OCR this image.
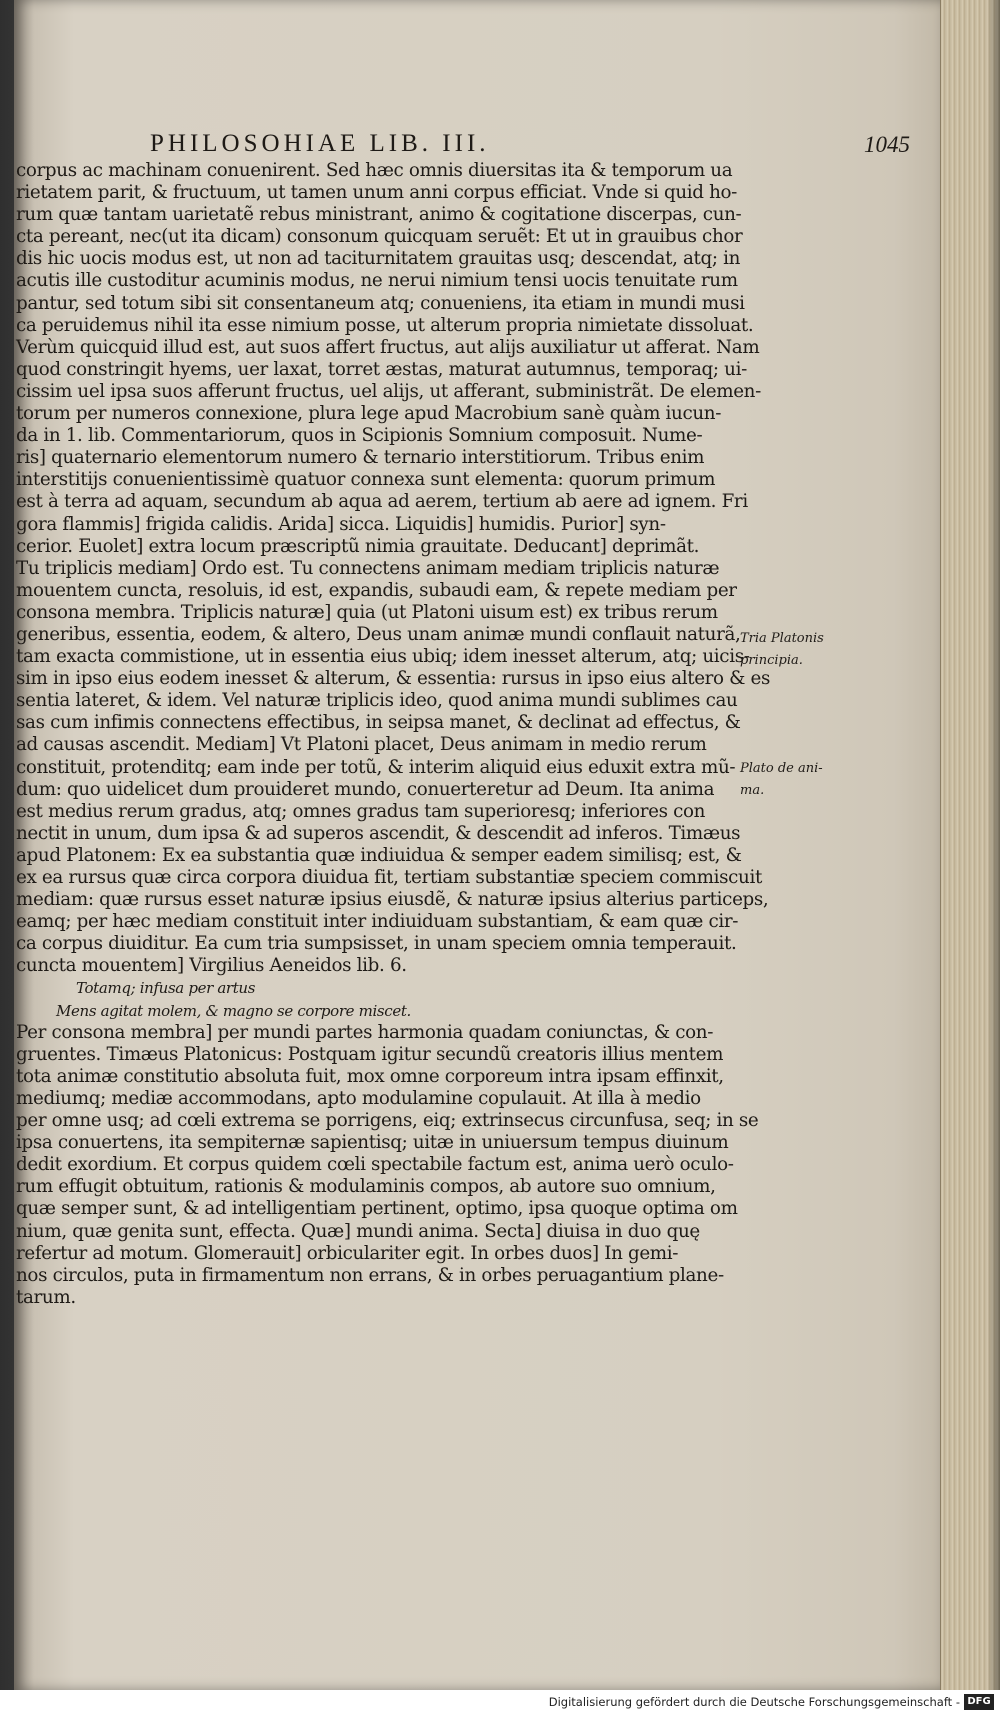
PHILOSOHIAE LIB. III.	1045
corpus ac machinam conuenirent. Sed hæc omnis diuersitas ita & temporum ua
rietatem parit, & fructuum, ut tamen unum anni corpus efficiat. Vnde si quid ho-
rum quæ tantam uarietatẽ rebus ministrant, animo & cogitatione discerpas, cun-
cta pereant, nec(ut ita dicam) consonum quicquam seruẽt: Et ut in grauibus chor
dis hic uocis modus est, ut non ad taciturnitatem grauitas usq; descendat, atq; in
acutis ille custoditur acuminis modus, ne nerui nimium tensi uocis tenuitate rum
pantur, sed totum sibi sit consentaneum atq; conueniens, ita etiam in mundi musi
ca peruidemus nihil ita esse nimium posse, ut alterum propria nimietate dissoluat.
Verùm quicquid illud est, aut suos affert fructus, aut alijs auxiliatur ut afferat. Nam
quod constringit hyems, uer laxat, torret æstas, maturat autumnus, temporaq; ui-
cissim uel ipsa suos afferunt fructus, uel alijs, ut afferant, subministrãt. De elemen-
torum per numeros connexione, plura lege apud Macrobium sanè quàm iucun-
da in 1. lib. Commentariorum, quos in Scipionis Somnium composuit. Nume-
ris] quaternario elementorum numero & ternario interstitiorum. Tribus enim
interstitijs conuenientissimè quatuor connexa sunt elementa: quorum primum
est à terra ad aquam, secundum ab aqua ad aerem, tertium ab aere ad ignem. Fri
gora flammis] frigida calidis. Arida] sicca. Liquidis] humidis. Purior] syn-
cerior. Euolet] extra locum præscriptũ nimia grauitate. Deducant] deprimãt.
Tu triplicis mediam] Ordo est. Tu connectens animam mediam triplicis naturæ
mouentem cuncta, resoluis, id est, expandis, subaudi eam, & repete mediam per
consona membra. Triplicis naturæ] quia (ut Platoni uisum est) ex tribus rerum
generibus, essentia, eodem, & altero, Deus unam animæ mundi conflauit naturã,
tam exacta commistione, ut in essentia eius ubiq; idem inesset alterum, atq; uicis-
sim in ipso eius eodem inesset & alterum, & essentia: rursus in ipso eius altero & es
sentia lateret, & idem. Vel naturæ triplicis ideo, quod anima mundi sublimes cau
sas cum infimis connectens effectibus, in seipsa manet, & declinat ad effectus, &
ad causas ascendit. Mediam] Vt Platoni placet, Deus animam in medio rerum
constituit, protenditq; eam inde per totũ, & interim aliquid eius eduxit extra mũ-
dum: quo uidelicet dum prouideret mundo, conuerteretur ad Deum. Ita anima
est medius rerum gradus, atq; omnes gradus tam superioresq; inferiores con
nectit in unum, dum ipsa & ad superos ascendit, & descendit ad inferos. Timæus
apud Platonem: Ex ea substantia quæ indiuidua & semper eadem similisq; est, &
ex ea rursus quæ circa corpora diuidua fit, tertiam substantiæ speciem commiscuit
mediam: quæ rursus esset naturæ ipsius eiusdẽ, & naturæ ipsius alterius particeps,
eamq; per hæc mediam constituit inter indiuiduam substantiam, & eam quæ cir-
ca corpus diuiditur. Ea cum tria sumpsisset, in unam speciem omnia temperauit.
cuncta mouentem] Virgilius Aeneidos lib. 6.
Totamq; infusa per artus
Mens agitat molem, & magno se corpore miscet.
Per consona membra] per mundi partes harmonia quadam coniunctas, & con-
gruentes. Timæus Platonicus: Postquam igitur secundũ creatoris illius mentem
tota animæ constitutio absoluta fuit, mox omne corporeum intra ipsam effinxit,
mediumq; mediæ accommodans, apto modulamine copulauit. At illa à medio
per omne usq; ad cœli extrema se porrigens, eiq; extrinsecus circunfusa, seq; in se
ipsa conuertens, ita sempiternæ sapientisq; uitæ in uniuersum tempus diuinum
dedit exordium. Et corpus quidem cœli spectabile factum est, anima uerò oculo-
rum effugit obtuitum, rationis & modulaminis compos, ab autore suo omnium,
quæ semper sunt, & ad intelligentiam pertinent, optimo, ipsa quoque optima om
nium, quæ genita sunt, effecta. Quæ] mundi anima. Secta] diuisa in duo quę
refertur ad motum. Glomerauit] orbiculariter egit. In orbes duos] In gemi-
nos circulos, puta in firmamentum non errans, & in orbes peruagantium plane-
tarum.
Tria Platonis
principia.
Plato de ani-
ma.
Digitalisierung gefördert durch die Deutsche Forschungsgemeinschaft - DFG
